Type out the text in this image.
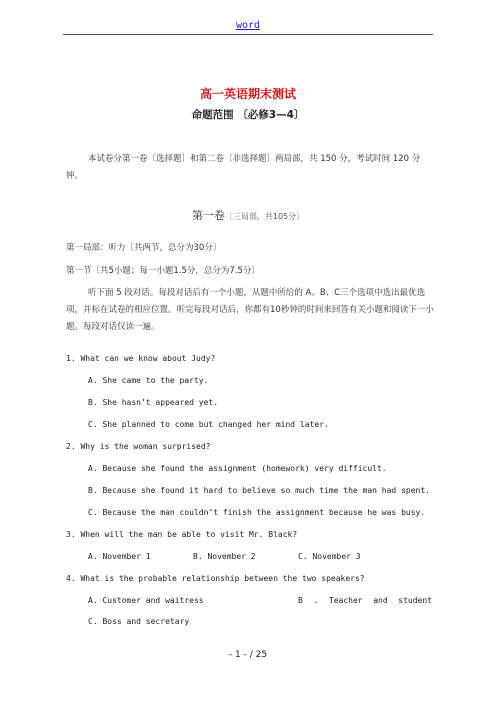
word
高一英语期末测试
命题范围 〔必修3—4〕
本试卷分第一卷〔选择题〕和第二卷〔非选择题〕两局部，共 150 分，考试时间 120 分钟。
第一卷〔三局部，共105分〕
第一局部：听力〔共两节，总分为30分〕
第一节〔共5小题；每一小题1.5分，总分为7.5分〕
听下面 5 段对话。每段对话后有一个小题，从题中所给的 A、B、C三个选项中选出最优选项，并标在试卷的相应位置。听完每段对话后，你都有10秒钟的时间来回答有关小题和阅读下一小题。每段对话仅读一遍。
1. What can we know about Judy?
A. She came to the party.
B. She hasn’t appeared yet.
C. She planned to come but changed her mind later.
2. Why is the woman surprised?
A. Because she found the assignment (homework) very difficult.
B. Because she found it hard to believe so much time the man had spent.
C. Because the man couldn’t finish the assignment because he was busy.
3. When will the man be able to visit Mr. Black?
A. November 1	B. November 2	C. November 3
4. What is the probable relationship between the two speakers?
A. Customer and waitress	B . Teacher and student
C. Boss and secretary
- 1 - / 25
